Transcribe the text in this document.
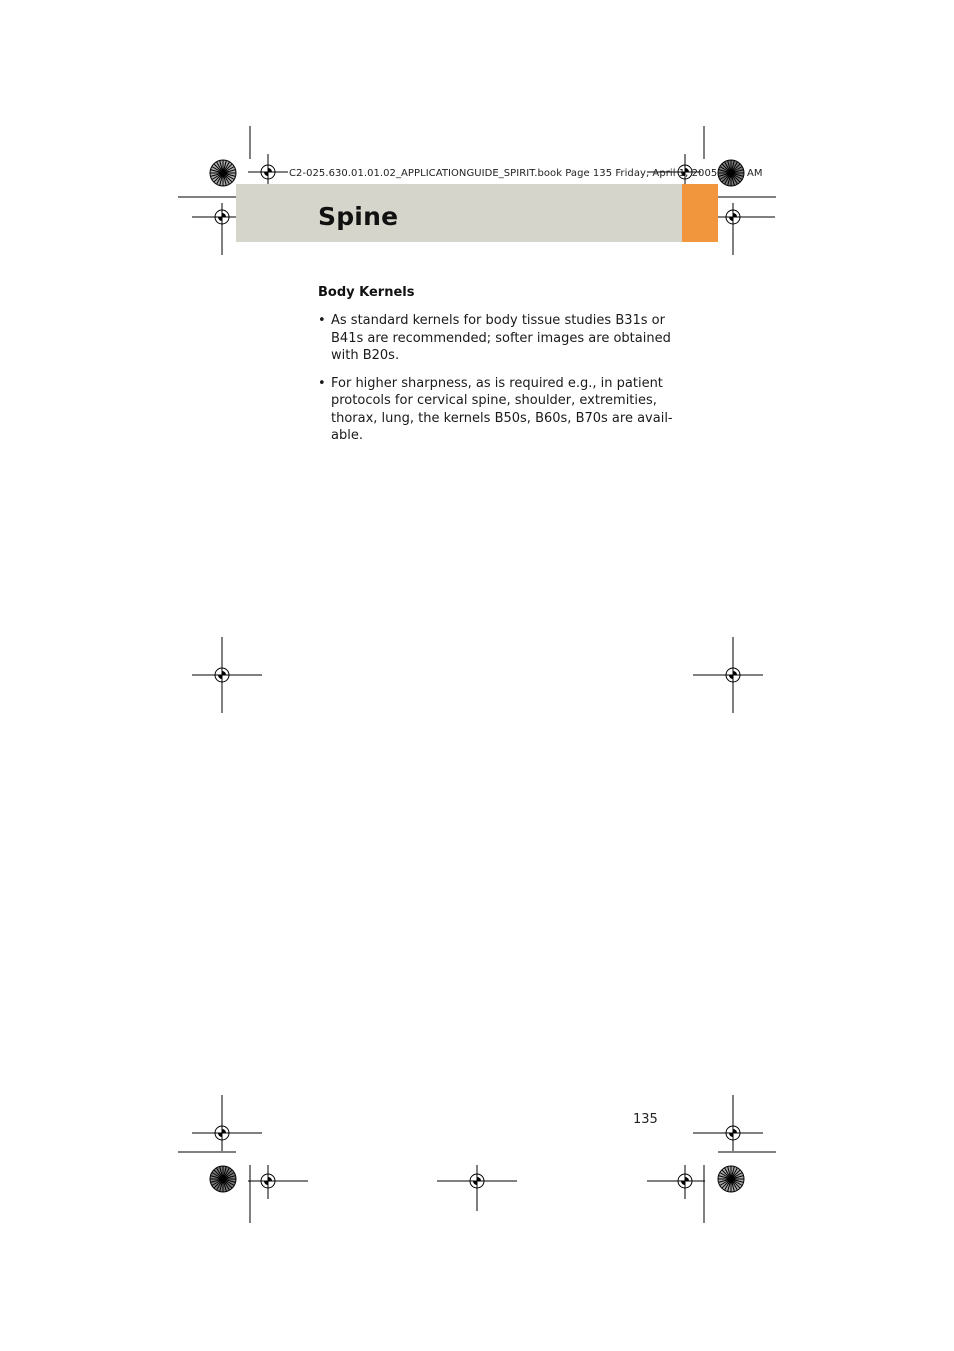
C2-025.630.01.01.02_APPLICATIONGUIDE_SPIRIT.book Page 135 Friday, April 1, 2005	AM
Spine
Body Kernels
• As standard kernels for body tissue studies B31s or
B41s are recommended; softer images are obtained
with B20s.
• For higher sharpness, as is required e.g., in patient
protocols for cervical spine, shoulder, extremities,
thorax, lung, the kernels B50s, B60s, B70s are avail-
able.
135
